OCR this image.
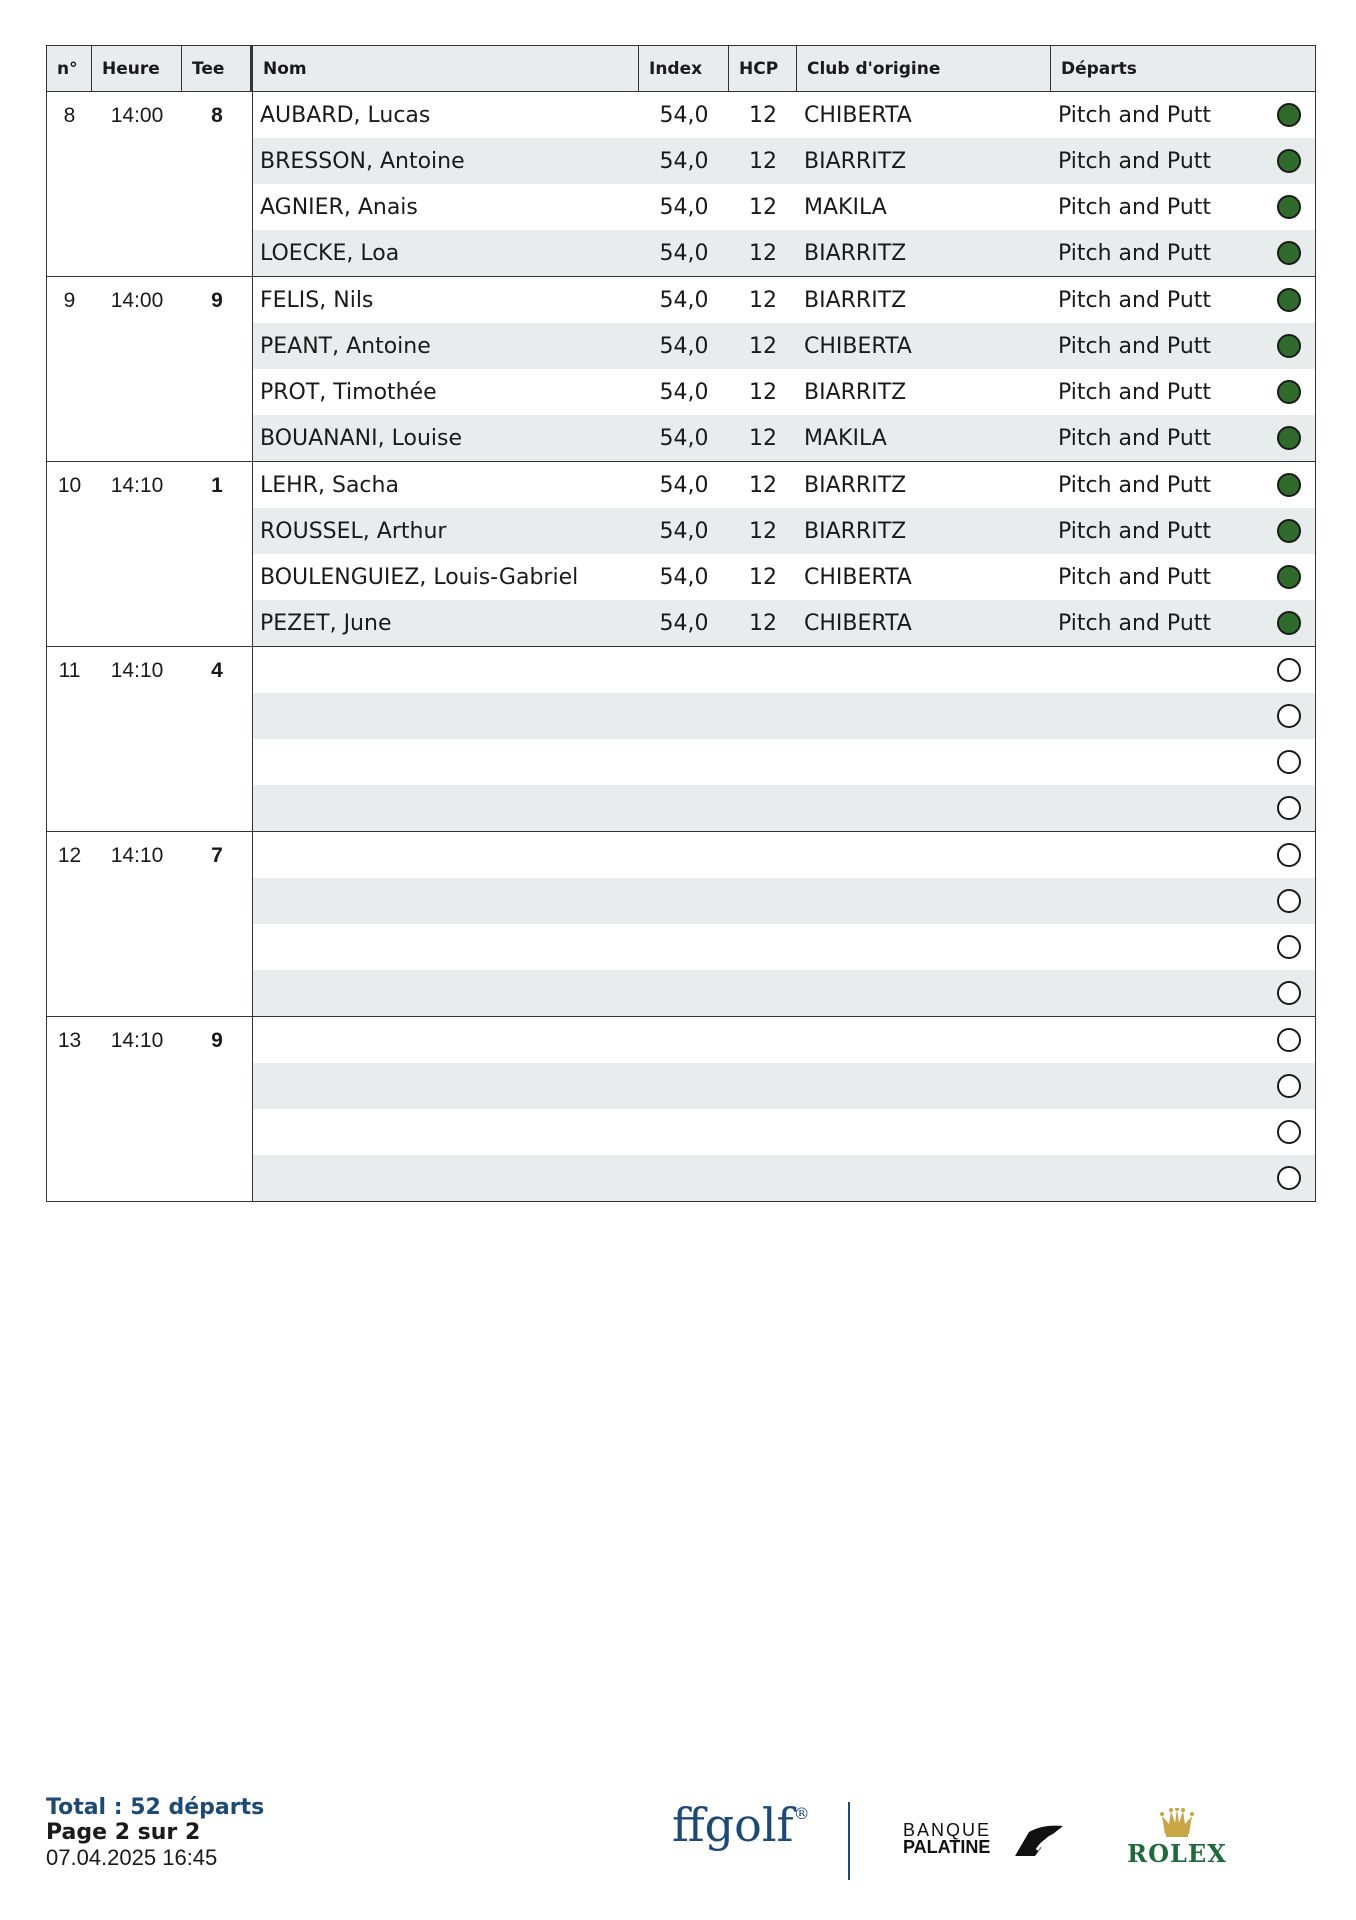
n°	Heure	Tee	Nom	Index	HCP	Club d'origine	Départs
8	14:00	8	AUBARD, Lucas	54,0	12	CHIBERTA	Pitch and Putt
BRESSON, Antoine	54,0	12	BIARRITZ	Pitch and Putt
AGNIER, Anais	54,0	12	MAKILA	Pitch and Putt
LOECKE, Loa	54,0	12	BIARRITZ	Pitch and Putt
9	14:00	9	FELIS, Nils	54,0	12	BIARRITZ	Pitch and Putt
PEANT, Antoine	54,0	12	CHIBERTA	Pitch and Putt
PROT, Timothée	54,0	12	BIARRITZ	Pitch and Putt
BOUANANI, Louise	54,0	12	MAKILA	Pitch and Putt
10	14:10	1	LEHR, Sacha	54,0	12	BIARRITZ	Pitch and Putt
ROUSSEL, Arthur	54,0	12	BIARRITZ	Pitch and Putt
BOULENGUIEZ, Louis-Gabriel	54,0	12	CHIBERTA	Pitch and Putt
PEZET, June	54,0	12	CHIBERTA	Pitch and Putt
11	14:10	4
12	14:10	7
13	14:10	9
Total : 52 départs
Page 2 sur 2
07.04.2025 16:45
ffgolf®
BANQUE
PALATINE	ROLEX
